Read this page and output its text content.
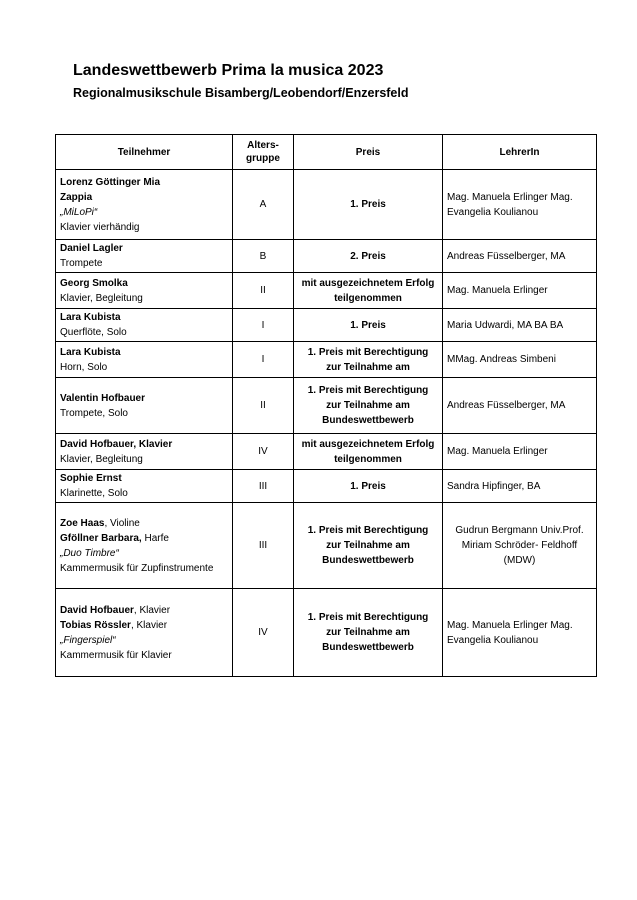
Landeswettbewerb Prima la musica 2023
Regionalmusikschule Bisamberg/Leobendorf/Enzersfeld
Teilnehmer	Alters-
gruppe	Preis	LehrerIn

Lorenz Göttinger Mia
Zappia
„MiLoPi“
Klavier vierhändig	A	1. Preis	Mag. Manuela Erlinger Mag.
Evangelia Koulianou

Daniel Lagler
Trompete	B	2. Preis	Andreas Füsselberger, MA

Georg Smolka
Klavier, Begleitung	II	mit ausgezeichnetem Erfolg
teilgenommen	Mag. Manuela Erlinger

Lara Kubista
Querflöte, Solo	I	1. Preis	Maria Udwardi, MA BA BA

Lara Kubista
Horn, Solo	I	1. Preis mit Berechtigung
zur Teilnahme am	MMag. Andreas Simbeni

Valentin Hofbauer
Trompete, Solo	II	1. Preis mit Berechtigung
zur Teilnahme am
Bundeswettbewerb	Andreas Füsselberger, MA

David Hofbauer, Klavier
Klavier, Begleitung	IV	mit ausgezeichnetem Erfolg
teilgenommen	Mag. Manuela Erlinger

Sophie Ernst
Klarinette, Solo	III	1. Preis	Sandra Hipfinger, BA

Zoe Haas, Violine
Gföllner Barbara, Harfe
„Duo Timbre“
Kammermusik für Zupfinstrumente	III	1. Preis mit Berechtigung
zur Teilnahme am
Bundeswettbewerb	Gudrun Bergmann Univ.Prof.
Miriam Schröder- Feldhoff
(MDW)

David Hofbauer, Klavier
Tobias Rössler, Klavier
„Fingerspiel“
Kammermusik für Klavier	IV	1. Preis mit Berechtigung
zur Teilnahme am
Bundeswettbewerb	Mag. Manuela Erlinger Mag.
Evangelia Koulianou
